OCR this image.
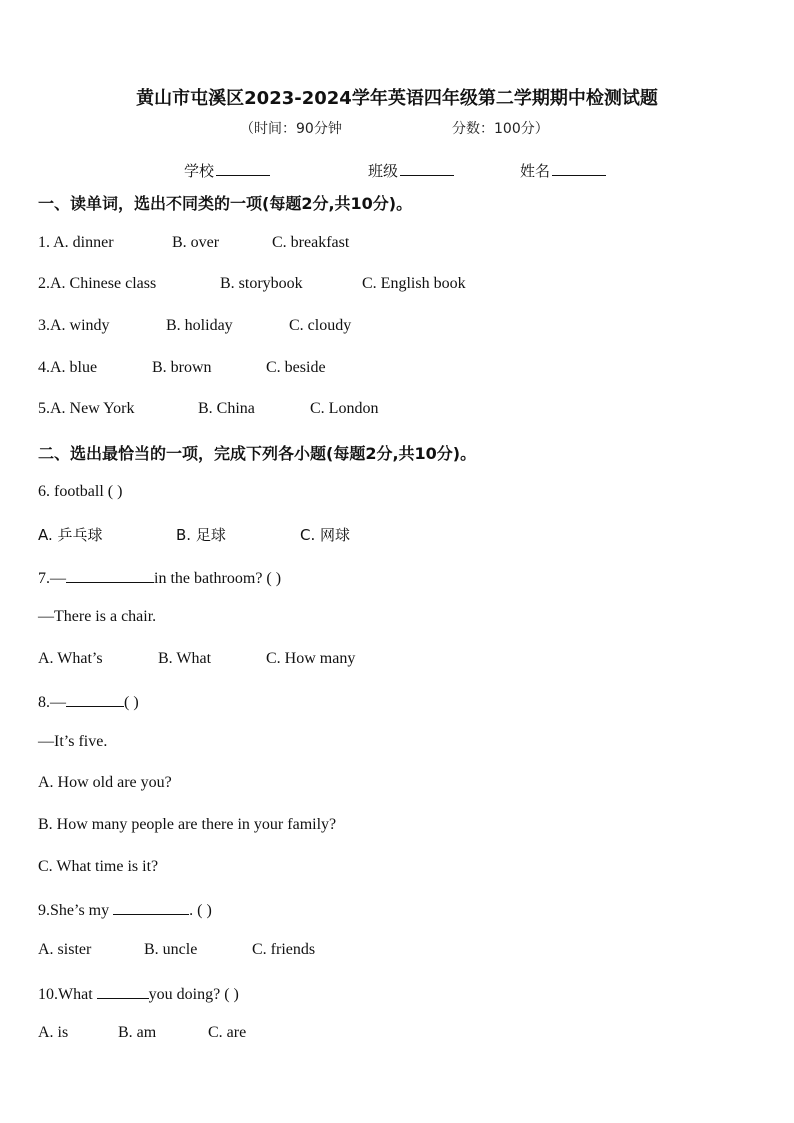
黄山市屯溪区2023-2024学年英语四年级第二学期期中检测试题
（时间：90分钟	分数：100分）
学校	班级	姓名
一、读单词，选出不同类的一项(每题2分,共10分)。
1. A. dinner	B. over	C. breakfast
2.A. Chinese class	B. storybook	C. English book
3.A. windy	B. holiday	C. cloudy
4.A. blue	B. brown	C. beside
5.A. New York	B. China	C. London
二、选出最恰当的一项，完成下列各小题(每题2分,共10分)。
6. football ( )
A. 乒乓球	B. 足球	C. 网球
7.—	in the bathroom? ( )
—There is a chair.
A. What’s	B. What	C. How many
8.—	( )
—It’s five.
A. How old are you?
B. How many people are there in your family?
C. What time is it?
9.She’s my	. ( )
A. sister	B. uncle	C. friends
10.What	you doing? ( )
A. is	B. am	C. are
